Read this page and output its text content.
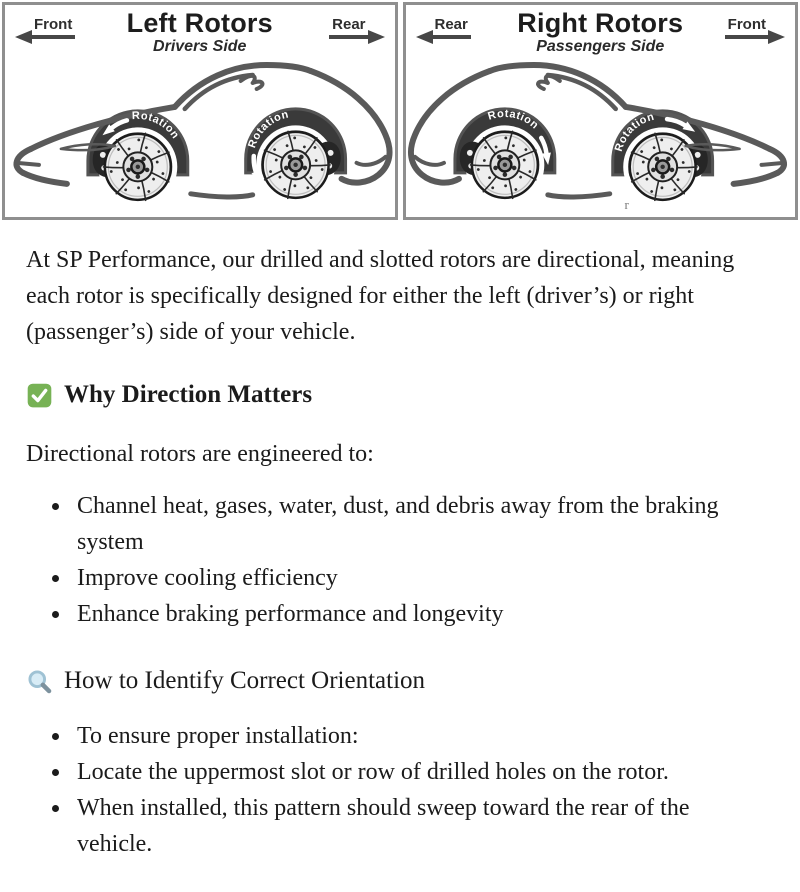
Front	Left Rotors
Drivers Side
Rear
Rotation
Rotation
Rear	Right Rotors
Passengers Side
Front
Rotation
Rotation
r

At SP Performance, our drilled and slotted rotors are directional, meaning each rotor is specifically designed for either the left (driver’s) or right (passenger’s) side of your vehicle.

Why Direction Matters

Directional rotors are engineered to:

• Channel heat, gases, water, dust, and debris away from the braking system
• Improve cooling efficiency
• Enhance braking performance and longevity
How to Identify Correct Orientation
• To ensure proper installation:
• Locate the uppermost slot or row of drilled holes on the rotor.
• When installed, this pattern should sweep toward the rear of the vehicle.
